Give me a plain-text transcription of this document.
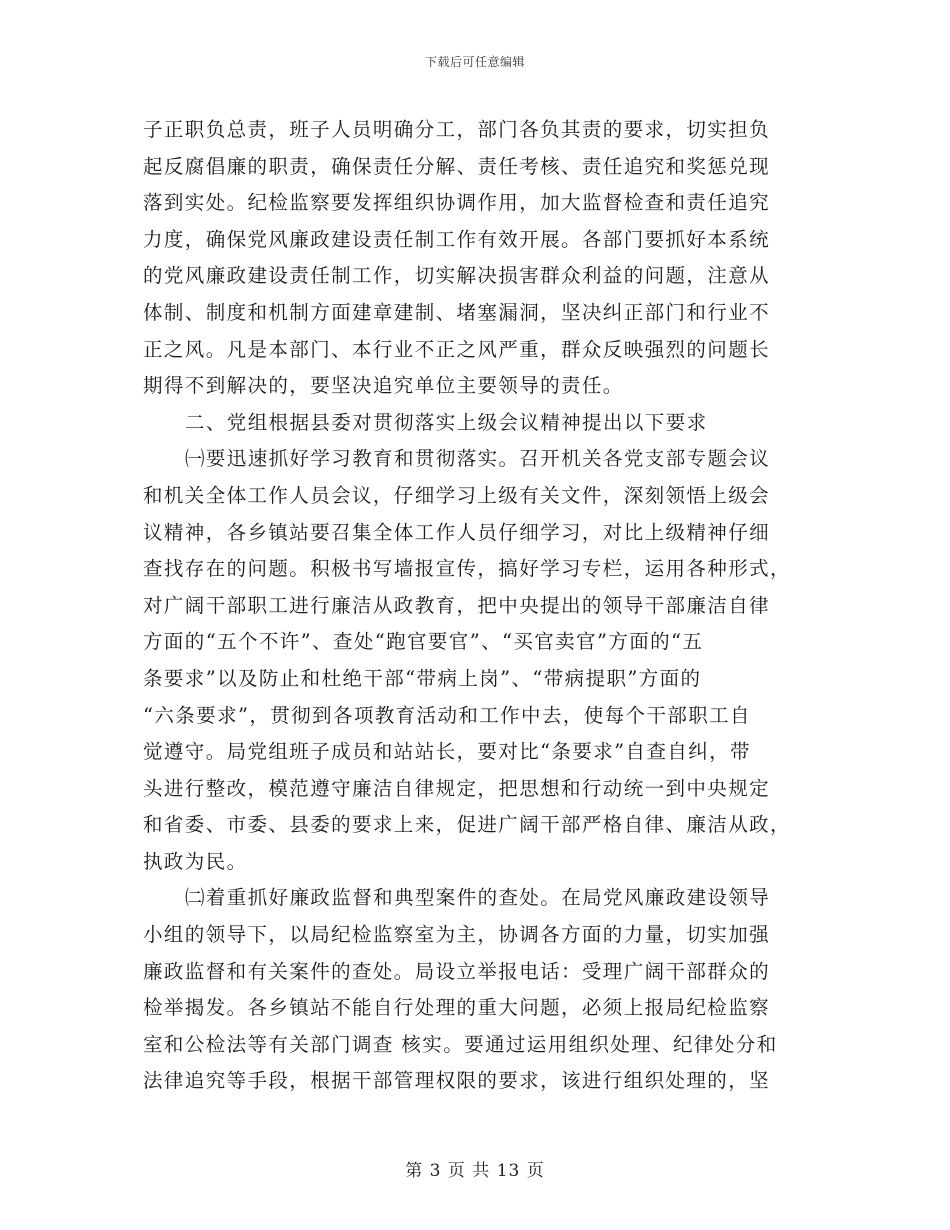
下载后可任意编辑
子正职负总责，班子人员明确分工，部门各负其责的要求，切实担负
起反腐倡廉的职责，确保责任分解、责任考核、责任追究和奖惩兑现
落到实处。纪检监察要发挥组织协调作用，加大监督检查和责任追究
力度，确保党风廉政建设责任制工作有效开展。各部门要抓好本系统
的党风廉政建设责任制工作，切实解决损害群众利益的问题，注意从
体制、制度和机制方面建章建制、堵塞漏洞，坚决纠正部门和行业不
正之风。凡是本部门、本行业不正之风严重，群众反映强烈的问题长
期得不到解决的，要坚决追究单位主要领导的责任。
二、党组根据县委对贯彻落实上级会议精神提出以下要求
㈠要迅速抓好学习教育和贯彻落实。召开机关各党支部专题会议
和机关全体工作人员会议，仔细学习上级有关文件，深刻领悟上级会
议精神，各乡镇站要召集全体工作人员仔细学习，对比上级精神仔细
查找存在的问题。积极书写墙报宣传，搞好学习专栏，运用各种形式，
对广阔干部职工进行廉洁从政教育，把中央提出的领导干部廉洁自律
方面的“五个不许”、查处“跑官要官”、“买官卖官”方面的“五
条要求”以及防止和杜绝干部“带病上岗”、“带病提职”方面的
“六条要求”，贯彻到各项教育活动和工作中去，使每个干部职工自
觉遵守。局党组班子成员和站站长，要对比“条要求”自查自纠，带
头进行整改，模范遵守廉洁自律规定，把思想和行动统一到中央规定
和省委、市委、县委的要求上来，促进广阔干部严格自律、廉洁从政，
执政为民。
㈡着重抓好廉政监督和典型案件的查处。在局党风廉政建设领导
小组的领导下，以局纪检监察室为主，协调各方面的力量，切实加强
廉政监督和有关案件的查处。局设立举报电话：受理广阔干部群众的
检举揭发。各乡镇站不能自行处理的重大问题，必须上报局纪检监察
室和公检法等有关部门调查 核实。要通过运用组织处理、纪律处分和
法律追究等手段，根据干部管理权限的要求，该进行组织处理的，坚
第 3 页 共 13 页
